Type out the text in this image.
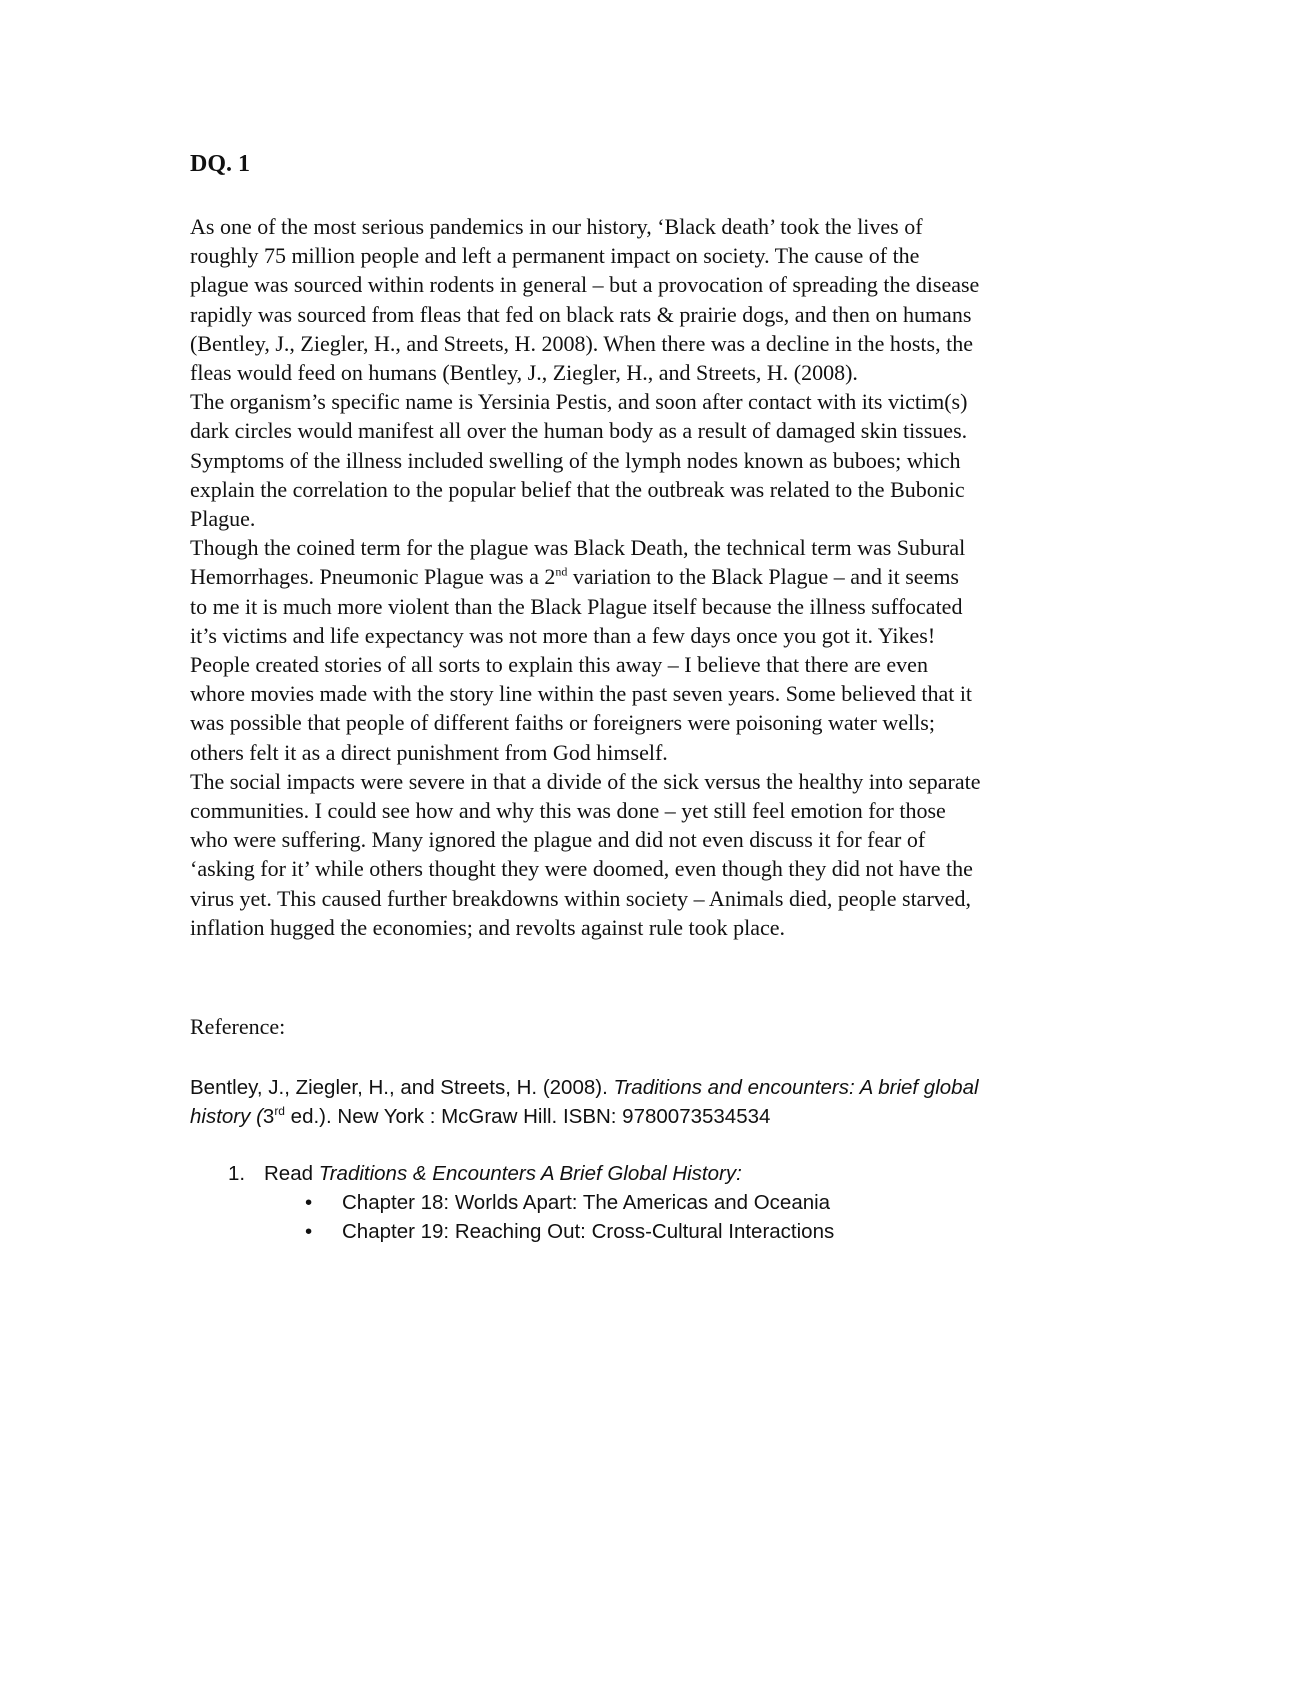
DQ. 1
As one of the most serious pandemics in our history, ‘Black death’ took the lives of
roughly 75 million people and left a permanent impact on society. The cause of the
plague was sourced within rodents in general – but a provocation of spreading the disease
rapidly was sourced from fleas that fed on black rats & prairie dogs, and then on humans
(Bentley, J., Ziegler, H., and Streets, H. 2008). When there was a decline in the hosts, the
fleas would feed on humans (Bentley, J., Ziegler, H., and Streets, H. (2008).
The organism’s specific name is Yersinia Pestis, and soon after contact with its victim(s)
dark circles would manifest all over the human body as a result of damaged skin tissues.
Symptoms of the illness included swelling of the lymph nodes known as buboes; which
explain the correlation to the popular belief that the outbreak was related to the Bubonic
Plague.
Though the coined term for the plague was Black Death, the technical term was Subural
Hemorrhages. Pneumonic Plague was a 2nd variation to the Black Plague – and it seems
to me it is much more violent than the Black Plague itself because the illness suffocated
it’s victims and life expectancy was not more than a few days once you got it. Yikes!
People created stories of all sorts to explain this away – I believe that there are even
whore movies made with the story line within the past seven years. Some believed that it
was possible that people of different faiths or foreigners were poisoning water wells;
others felt it as a direct punishment from God himself.
The social impacts were severe in that a divide of the sick versus the healthy into separate
communities. I could see how and why this was done – yet still feel emotion for those
who were suffering. Many ignored the plague and did not even discuss it for fear of
‘asking for it’ while others thought they were doomed, even though they did not have the
virus yet. This caused further breakdowns within society – Animals died, people starved,
inflation hugged the economies; and revolts against rule took place.
Reference:
Bentley, J., Ziegler, H., and Streets, H. (2008). Traditions and encounters: A brief global
history (3rd ed.). New York : McGraw Hill. ISBN: 9780073534534
1. Read Traditions & Encounters A Brief Global History:
• Chapter 18: Worlds Apart: The Americas and Oceania
• Chapter 19: Reaching Out: Cross-Cultural Interactions
